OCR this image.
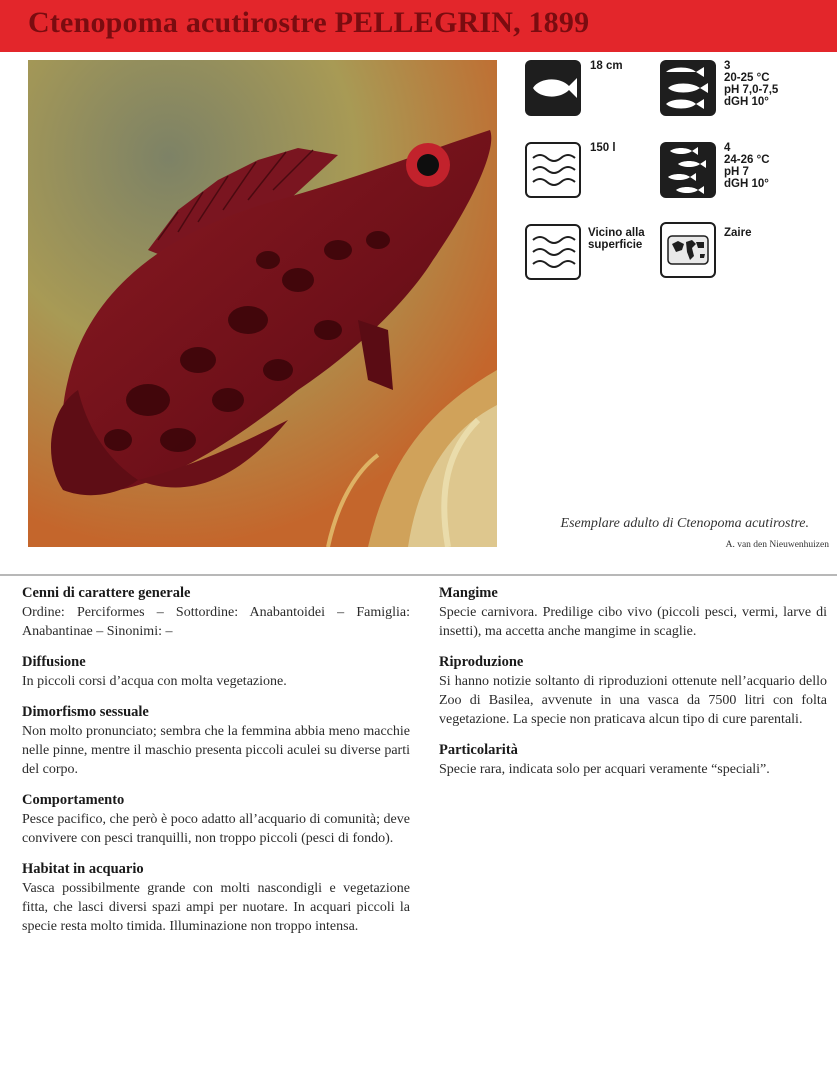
Ctenopoma acutirostre PELLEGRIN, 1899
18 cm	3
20-25 °C
pH 7,0-7,5
dGH 10°
150 l	4
24-26 °C
pH 7
dGH 10°
Vicino alla
superficie
Zaire
Esemplare adulto di Ctenopoma acutirostre.
A. van den Nieuwenhuizen
Cenni di carattere generale

Ordine: Perciformes – Sottordine: Anabantoidei – Famiglia: Anabantinae – Sinonimi: –

Diffusione

In piccoli corsi d’acqua con molta vegetazione.

Dimorfismo sessuale

Non molto pronunciato; sembra che la femmina abbia meno macchie nelle pinne, mentre il maschio presenta piccoli aculei su diverse parti del corpo.

Comportamento

Pesce pacifico, che però è poco adatto all’acquario di comunità; deve convivere con pesci tranquilli, non troppo piccoli (pesci di fondo).

Habitat in acquario

Vasca possibilmente grande con molti nascondigli e vegetazione fitta, che lasci diversi spazi ampi per nuotare. In acquari piccoli la specie resta molto timida. Illuminazione non troppo intensa.

Mangime

Specie carnivora. Predilige cibo vivo (piccoli pesci, vermi, larve di insetti), ma accetta anche mangime in scaglie.

Riproduzione

Si hanno notizie soltanto di riproduzioni ottenute nell’acquario dello Zoo di Basilea, avvenute in una vasca da 7500 litri con folta vegetazione. La specie non praticava alcun tipo di cure parentali.

Particolarità

Specie rara, indicata solo per acquari veramente “speciali”.
